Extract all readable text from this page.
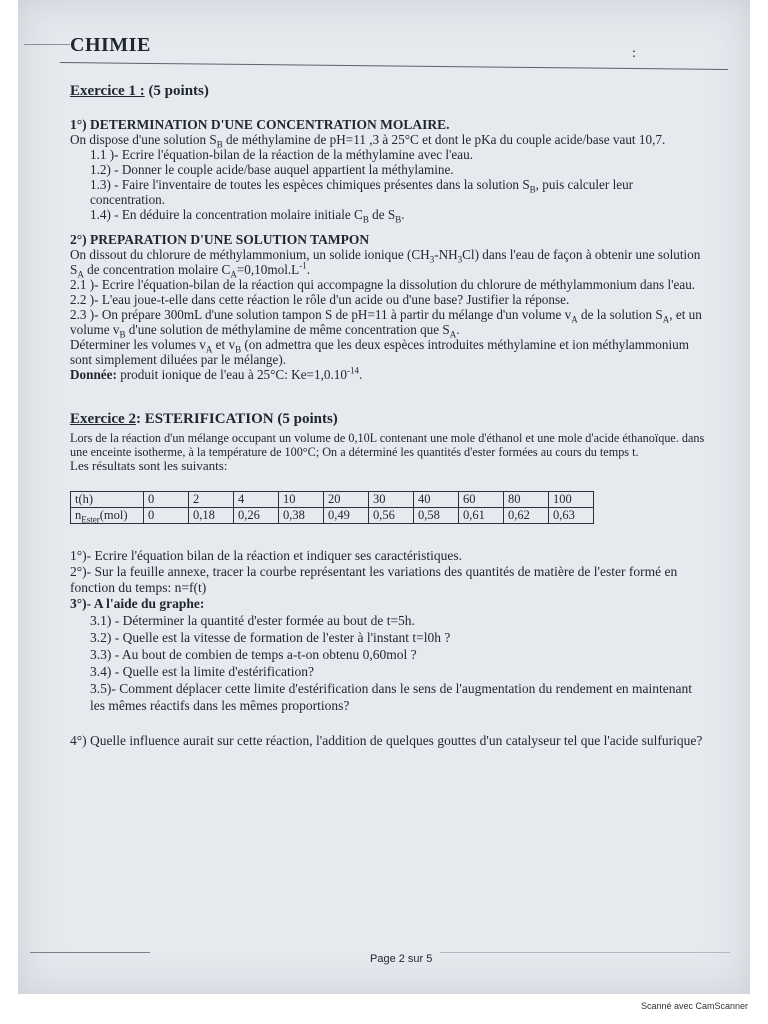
CHIMIE	:
Exercice 1 : (5 points)

1°) DETERMINATION D'UNE CONCENTRATION MOLAIRE.

On dispose d'une solution $S_B$ de méthylamine de pH=11 ,3 à 25°C et dont le pKa du couple acide/base vaut 10,7.

1.1 )- Ecrire l'équation-bilan de la réaction de la méthylamine avec l'eau.

1.2) - Donner le couple acide/base auquel appartient la méthylamine.

1.3) - Faire l'inventaire de toutes les espèces chimiques présentes dans la solution $S_B$, puis calculer leur concentration.

1.4) - En déduire la concentration molaire initiale $C_B$ de $S_B$.

2°) PREPARATION D'UNE SOLUTION TAMPON

On dissout du chlorure de méthylammonium, un solide ionique $(CH_3-NH_3Cl)$ dans l'eau de façon à obtenir une solution $S_A$ de concentration molaire $C_A=0,10mol.L^{-1}$.

2.1 )- Ecrire l'équation-bilan de la réaction qui accompagne la dissolution du chlorure de méthylammonium dans l'eau.

2.2 )- L'eau joue-t-elle dans cette réaction le rôle d'un acide ou d'une base? Justifier la réponse.

2.3 )- On prépare 300mL d'une solution tampon S de pH=11 à partir du mélange d'un volume $v_A$ de la solution $S_A$, et un volume $v_B$ d'une solution de méthylamine de même concentration que $S_A$.

Déterminer les volumes $v_A$ et $v_B$ (on admettra que les deux espèces introduites méthylamine et ion méthylammonium sont simplement diluées par le mélange).

Donnée: produit ionique de l'eau à 25°C: $Ke=1,0.10^{-14}$.

Exercice 2: ESTERIFICATION (5 points)

Lors de la réaction d'un mélange occupant un volume de 0,10L contenant une mole d'éthanol et une mole d'acide éthanoïque. dans une enceinte isotherme, à la température de 100°C; On a déterminé les quantités d'ester formées au cours du temps t.

Les résultats sont les suivants:

t(h)	0	2	4	10	20	30	40	60	80	100
$n_{Ester}(mol)$	0	0,18	0,26	0,38	0,49	0,56	0,58	0,61	0,62	0,63

1°)- Ecrire l'équation bilan de la réaction et indiquer ses caractéristiques.

2°)- Sur la feuille annexe, tracer la courbe représentant les variations des quantités de matière de l'ester formé en fonction du temps: n=f(t)

3°)- A l'aide du graphe:

3.1) - Déterminer la quantité d'ester formée au bout de t=5h.

3.2) - Quelle est la vitesse de formation de l'ester à l'instant t=l0h ?

3.3) - Au bout de combien de temps a-t-on obtenu 0,60mol ?

3.4) - Quelle est la limite d'estérification?

3.5)- Comment déplacer cette limite d'estérification dans le sens de l'augmentation du rendement en maintenant les mêmes réactifs dans les mêmes proportions?

4°) Quelle influence aurait sur cette réaction, l'addition de quelques gouttes d'un catalyseur tel que l'acide sulfurique?

Page 2 sur 5
Scanné avec CamScanner
